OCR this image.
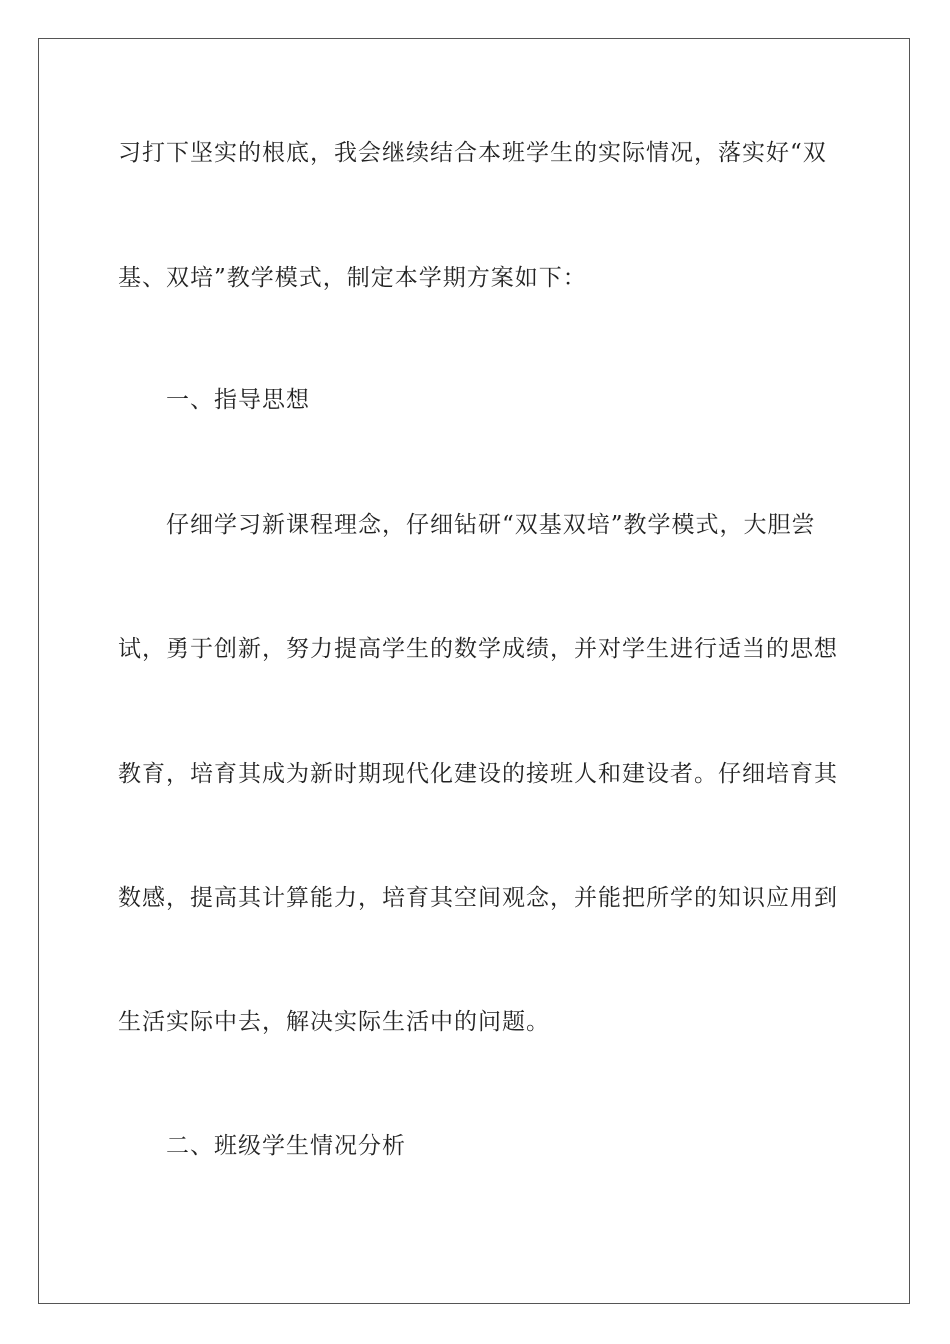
习打下坚实的根底，我会继续结合本班学生的实际情况，落实好“双
基、双培”教学模式，制定本学期方案如下：
一、指导思想
仔细学习新课程理念，仔细钻研“双基双培”教学模式，大胆尝
试，勇于创新，努力提高学生的数学成绩，并对学生进行适当的思想
教育，培育其成为新时期现代化建设的接班人和建设者。仔细培育其
数感，提高其计算能力，培育其空间观念，并能把所学的知识应用到
生活实际中去，解决实际生活中的问题。
二、班级学生情况分析
